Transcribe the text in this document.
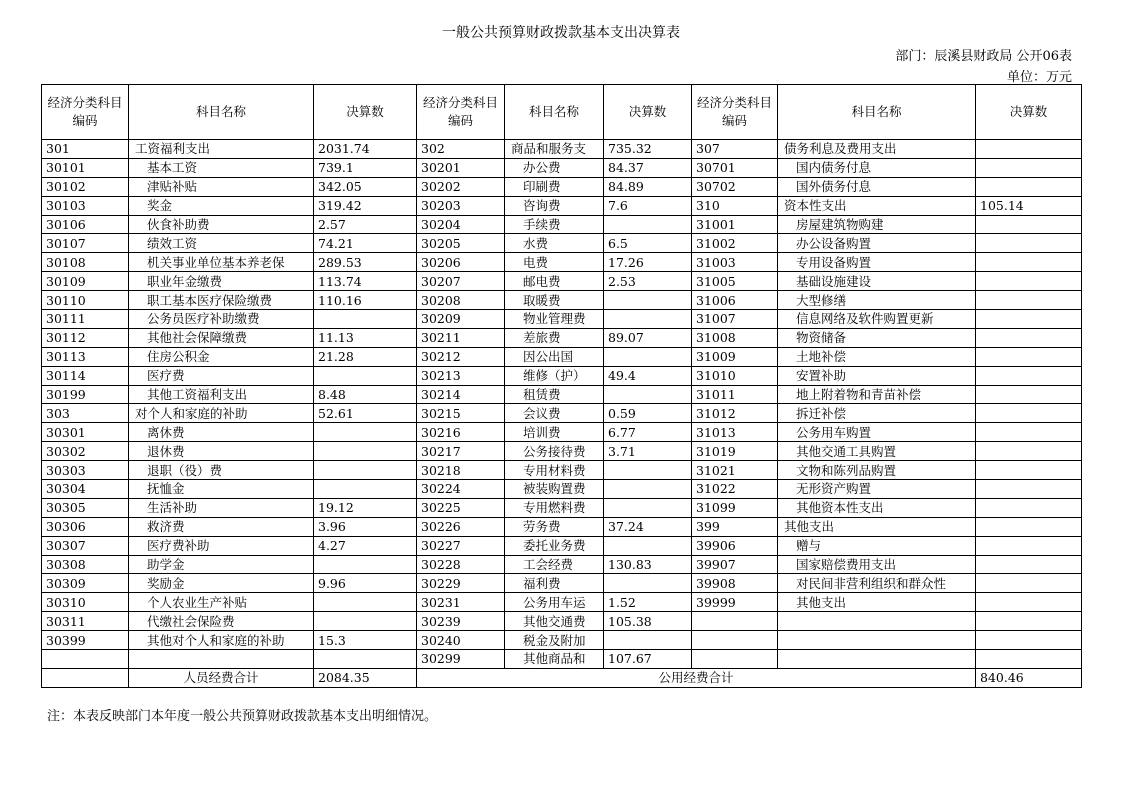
一般公共预算财政拨款基本支出决算表
部门：辰溪县财政局 公开06表
单位：万元
经济分类科目编码	科目名称	决算数	经济分类科目编码	科目名称	决算数	经济分类科目编码	科目名称	决算数
301	工资福利支出	2031.74	302	商品和服务支	735.32	307	债务利息及费用支出	
30101	基本工资	739.1	30201	办公费	84.37	30701	国内债务付息	
30102	津贴补贴	342.05	30202	印刷费	84.89	30702	国外债务付息	
30103	奖金	319.42	30203	咨询费	7.6	310	资本性支出	105.14
30106	伙食补助费	2.57	30204	手续费		31001	房屋建筑物购建	
30107	绩效工资	74.21	30205	水费	6.5	31002	办公设备购置	
30108	机关事业单位基本养老保	289.53	30206	电费	17.26	31003	专用设备购置	
30109	职业年金缴费	113.74	30207	邮电费	2.53	31005	基础设施建设	
30110	职工基本医疗保险缴费	110.16	30208	取暖费		31006	大型修缮	
30111	公务员医疗补助缴费		30209	物业管理费		31007	信息网络及软件购置更新	
30112	其他社会保障缴费	11.13	30211	差旅费	89.07	31008	物资储备	
30113	住房公积金	21.28	30212	因公出国		31009	土地补偿	
30114	医疗费		30213	维修（护）	49.4	31010	安置补助	
30199	其他工资福利支出	8.48	30214	租赁费		31011	地上附着物和青苗补偿	
303	对个人和家庭的补助	52.61	30215	会议费	0.59	31012	拆迁补偿	
30301	离休费		30216	培训费	6.77	31013	公务用车购置	
30302	退休费		30217	公务接待费	3.71	31019	其他交通工具购置	
30303	退职（役）费		30218	专用材料费		31021	文物和陈列品购置	
30304	抚恤金		30224	被装购置费		31022	无形资产购置	
30305	生活补助	19.12	30225	专用燃料费		31099	其他资本性支出	
30306	救济费	3.96	30226	劳务费	37.24	399	其他支出	
30307	医疗费补助	4.27	30227	委托业务费		39906	赠与	
30308	助学金		30228	工会经费	130.83	39907	国家赔偿费用支出	
30309	奖励金	9.96	30229	福利费		39908	对民间非营利组织和群众性	
30310	个人农业生产补贴		30231	公务用车运	1.52	39999	其他支出	
30311	代缴社会保险费		30239	其他交通费	105.38			
30399	其他对个人和家庭的补助	15.3	30240	税金及附加				
			30299	其他商品和	107.67			
	人员经费合计	2084.35	公用经费合计					840.46
注：本表反映部门本年度一般公共预算财政拨款基本支出明细情况。
